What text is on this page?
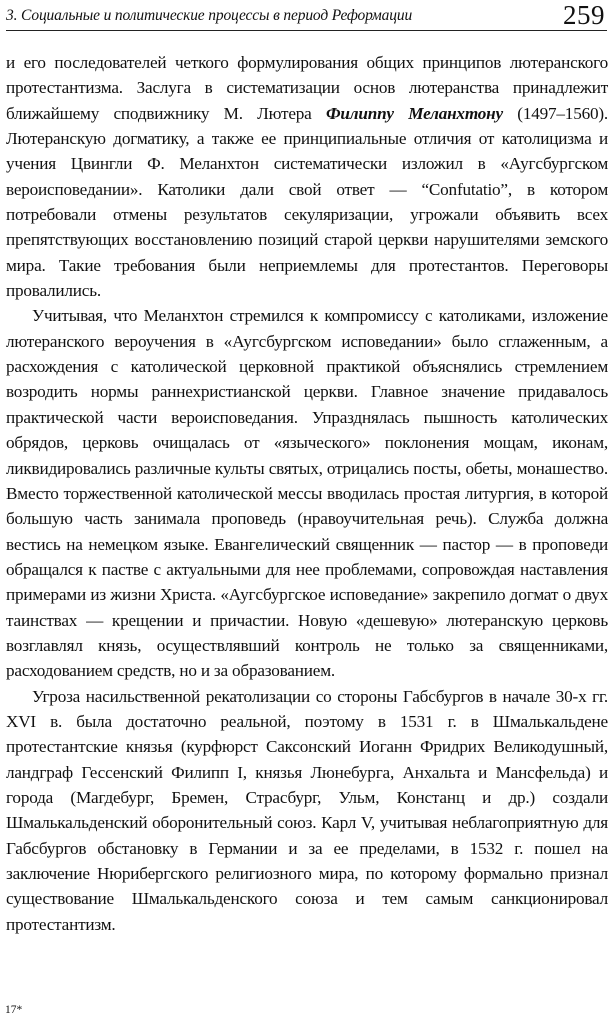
3. Социальные и политические процессы в период Реформации	259

и его последователей четкого формулирования общих принципов лютеранского протестантизма. Заслуга в систематизации основ лютеранства принадлежит ближайшему сподвижнику М. Лютера Филиппу Меланхтону (1497–1560). Лютеранскую догматику, а также ее принципиальные отличия от католицизма и учения Цвингли Ф. Меланхтон систематически изложил в «Аугсбургском вероисповедании». Католики дали свой ответ — “Confutatio”, в котором потребовали отмены результатов секуляризации, угрожали объявить всех препятствующих восстановлению позиций старой церкви нарушителями земского мира. Такие требования были неприемлемы для протестантов. Переговоры провалились.

Учитывая, что Меланхтон стремился к компромиссу с католиками, изложение лютеранского вероучения в «Аугсбургском исповедании» было сглаженным, а расхождения с католической церковной практикой объяснялись стремлением возродить нормы раннехристианской церкви. Главное значение придавалось практической части вероисповедания. Упразднялась пышность католических обрядов, церковь очищалась от «языческого» поклонения мощам, иконам, ликвидировались различные культы святых, отрицались посты, обеты, монашество. Вместо торжественной католической мессы вводилась простая литургия, в которой большую часть занимала проповедь (нравоучительная речь). Служба должна вестись на немецком языке. Евангелический священник — пастор — в проповеди обращался к пастве с актуальными для нее проблемами, сопровождая наставления примерами из жизни Христа. «Аугсбургское исповедание» закрепило догмат о двух таинствах — крещении и причастии. Новую «дешевую» лютеранскую церковь возглавлял князь, осуществлявший контроль не только за священниками, расходованием средств, но и за образованием.

Угроза насильственной рекатолизации со стороны Габсбургов в начале 30-х гг. XVI в. была достаточно реальной, поэтому в 1531 г. в Шмалькальдене протестантские князья (курфюрст Саксонский Иоганн Фридрих Великодушный, ландграф Гессенский Филипп I, князья Люнебурга, Анхальта и Мансфельда) и города (Магдебург, Бремен, Страсбург, Ульм, Констанц и др.) создали Шмалькальденский оборонительный союз. Карл V, учитывая неблагоприятную для Габсбургов обстановку в Германии и за ее пределами, в 1532 г. пошел на заключение Нюрибергского религиозного мира, по которому формально признал существование Шмалькальденского союза и тем самым санкционировал протестантизм.

17*
